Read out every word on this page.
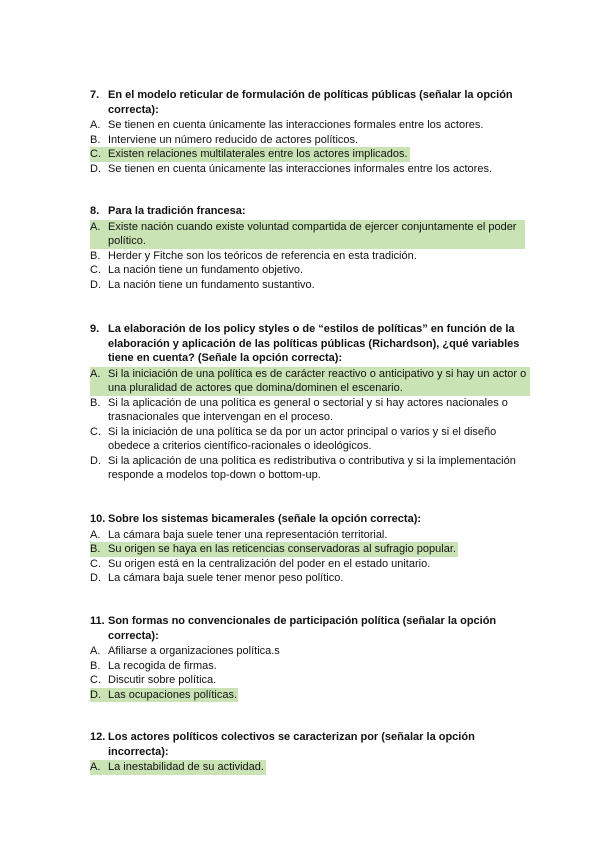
7. En el modelo reticular de formulación de políticas públicas (señalar la opción correcta):
A. Se tienen en cuenta únicamente las interacciones formales entre los actores.
B. Interviene un número reducido de actores políticos.
C. Existen relaciones multilaterales entre los actores implicados.
D. Se tienen en cuenta únicamente las interacciones informales entre los actores.
8. Para la tradición francesa:
A. Existe nación cuando existe voluntad compartida de ejercer conjuntamente el poder político.
B. Herder y Fitche son los teóricos de referencia en esta tradición.
C. La nación tiene un fundamento objetivo.
D. La nación tiene un fundamento sustantivo.
9. La elaboración de los policy styles o de “estilos de políticas” en función de la elaboración y aplicación de las políticas públicas (Richardson), ¿qué variables tiene en cuenta? (Señale la opción correcta):
A. Si la iniciación de una política es de carácter reactivo o anticipativo y si hay un actor o una pluralidad de actores que domina/dominen el escenario.
B. Si la aplicación de una política es general o sectorial y si hay actores nacionales o trasnacionales que intervengan en el proceso.
C. Si la iniciación de una política se da por un actor principal o varios y si el diseño obedece a criterios científico-racionales o ideológicos.
D. Si la aplicación de una política es redistributiva o contributiva y si la implementación responde a modelos top-down o bottom-up.
10. Sobre los sistemas bicamerales (señale la opción correcta):
A. La cámara baja suele tener una representación territorial.
B. Su origen se haya en las reticencias conservadoras al sufragio popular.
C. Su origen está en la centralización del poder en el estado unitario.
D. La cámara baja suele tener menor peso político.
11. Son formas no convencionales de participación política (señalar la opción correcta):
A. Afiliarse a organizaciones política.s
B. La recogida de firmas.
C. Discutir sobre política.
D. Las ocupaciones políticas.
12. Los actores políticos colectivos se caracterizan por (señalar la opción incorrecta):
A. La inestabilidad de su actividad.
